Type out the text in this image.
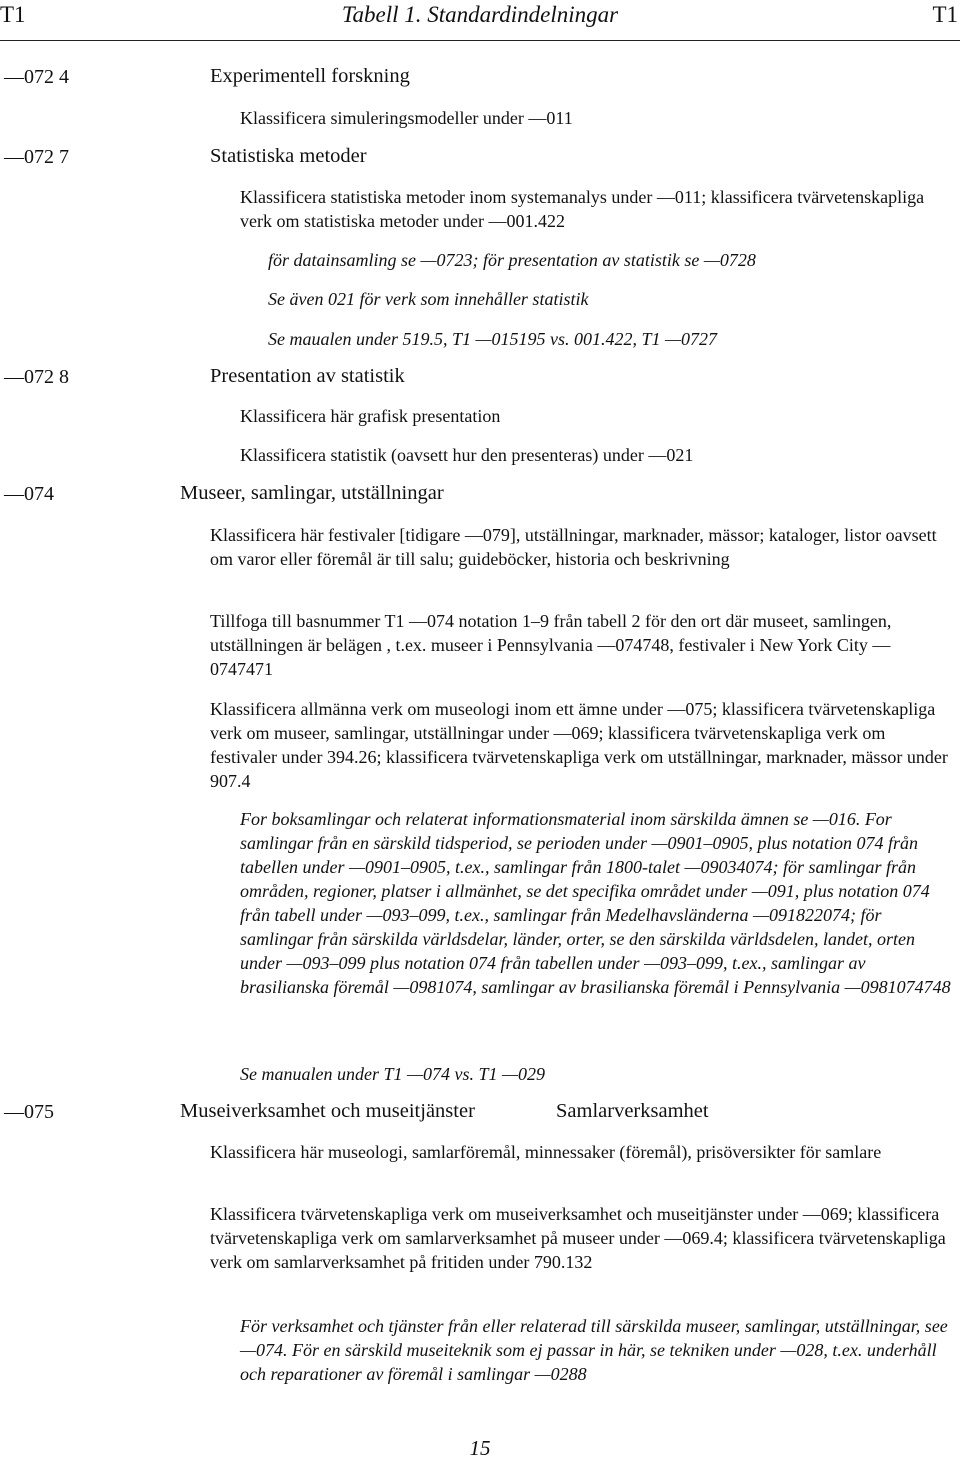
T1	Tabell 1. Standardindelningar	T1
—072 4	Experimentell forskning
Klassificera simuleringsmodeller under —011
—072 7	Statistiska metoder
Klassificera statistiska metoder inom systemanalys under —011; klassificera tvärvetenskapliga verk om statistiska metoder under —001.422
för datainsamling se —0723; för presentation av statistik se —0728
Se även 021 för verk som innehåller statistik
Se maualen under 519.5, T1 —015195 vs. 001.422, T1 —0727
—072 8	Presentation av statistik
Klassificera här grafisk presentation
Klassificera statistik (oavsett hur den presenteras) under —021
—074	Museer, samlingar, utställningar
Klassificera här festivaler [tidigare —079], utställningar, marknader, mässor; kataloger, listor oavsett om varor eller föremål är till salu; guideböcker, historia och beskrivning
Tillfoga till basnummer T1 —074 notation 1–9 från tabell 2 för den ort där museet, samlingen, utställningen är belägen , t.ex. museer i Pennsylvania —074748, festivaler i New York City —0747471
Klassificera allmänna verk om museologi inom ett ämne under —075; klassificera tvärvetenskapliga verk om museer, samlingar, utställningar under —069; klassificera tvärvetenskapliga verk om festivaler under 394.26; klassificera tvärvetenskapliga verk om utställningar, marknader, mässor under 907.4
For boksamlingar och relaterat informationsmaterial inom särskilda ämnen se —016. For samlingar från en särskild tidsperiod, se perioden under —0901–0905, plus notation 074 från tabellen under —0901–0905, t.ex., samlingar från 1800-talet —09034074; för samlingar från områden, regioner, platser i allmänhet, se det specifika området under —091, plus notation 074 från tabell under —093–099, t.ex., samlingar från Medelhavsländerna —091822074; för samlingar från särskilda världsdelar, länder, orter, se den särskilda världsdelen, landet, orten under —093–099 plus notation 074 från tabellen under —093–099, t.ex., samlingar av brasilianska föremål —0981074, samlingar av brasilianska föremål i Pennsylvania —0981074748
Se manualen under T1 —074 vs. T1 —029
—075	Museiverksamhet och museitjänster	Samlarverksamhet
Klassificera här museologi, samlarföremål, minnessaker (föremål), prisöversikter för samlare
Klassificera tvärvetenskapliga verk om museiverksamhet och museitjänster under —069; klassificera tvärvetenskapliga verk om samlarverksamhet på museer under —069.4; klassificera tvärvetenskapliga verk om samlarverksamhet på fritiden under 790.132
För verksamhet och tjänster från eller relaterad till särskilda museer, samlingar, utställningar, see —074. För en särskild museiteknik som ej passar in här, se tekniken under —028, t.ex. underhåll och reparationer av föremål i samlingar —0288
15
